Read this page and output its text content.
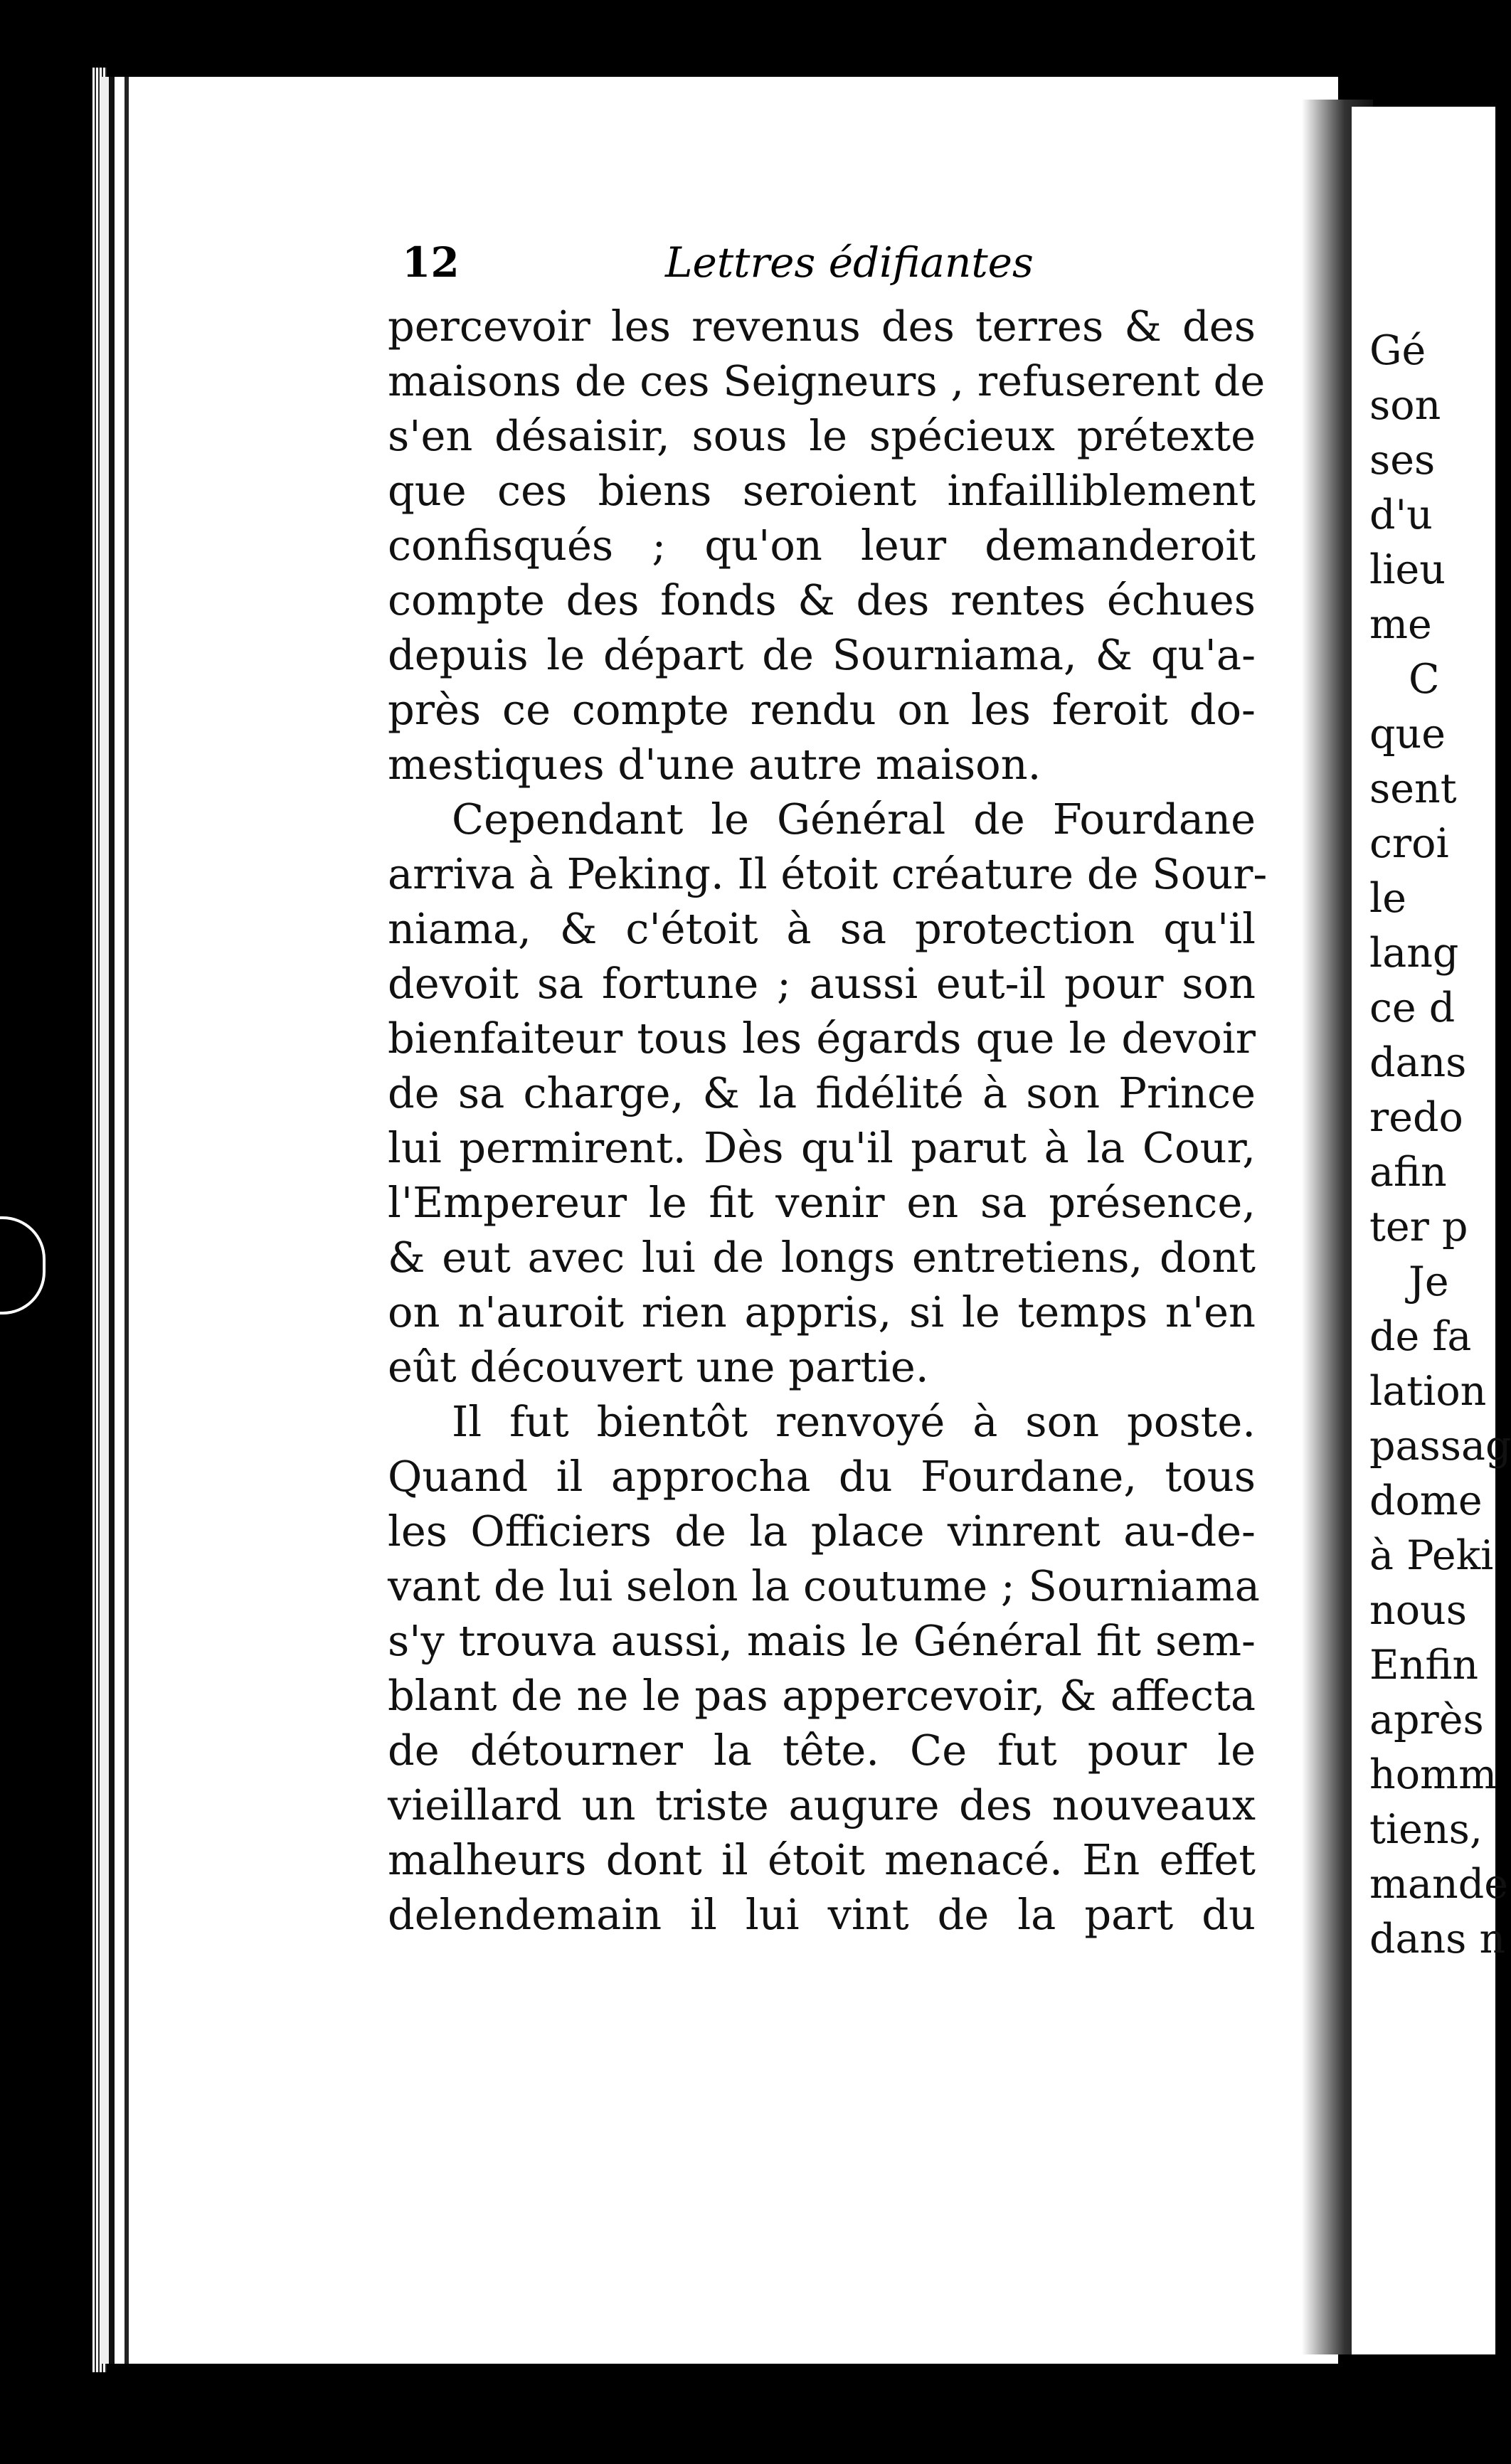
12	Lettres édifiantes
percevoir les revenus des terres & des
maisons de ces Seigneurs , refuserent de
s'en désaisir, sous le spécieux prétexte
que ces biens seroient infailliblement
confisqués ; qu'on leur demanderoit
compte des fonds & des rentes échues
depuis le départ de Sourniama, & qu'a-
près ce compte rendu on les feroit do-
mestiques d'une autre maison.
Cependant le Général de Fourdane
arriva à Peking. Il étoit créature de Sour-
niama, & c'étoit à sa protection qu'il
devoit sa fortune ; aussi eut-il pour son
bienfaiteur tous les égards que le devoir
de sa charge, & la fidélité à son Prince
lui permirent. Dès qu'il parut à la Cour,
l'Empereur le fit venir en sa présence,
& eut avec lui de longs entretiens, dont
on n'auroit rien appris, si le temps n'en
eût découvert une partie.
Il fut bientôt renvoyé à son poste.
Quand il approcha du Fourdane, tous
les Officiers de la place vinrent au-de-
vant de lui selon la coutume ; Sourniama
s'y trouva aussi, mais le Général fit sem-
blant de ne le pas appercevoir, & affecta
de détourner la tête. Ce fut pour le
vieillard un triste augure des nouveaux
malheurs dont il étoit menacé. En effet
delendemain il lui vint de la part du
Gé
son
ses
d'u
lieu
me
C
que
sent
croi
le
lang
ce d
dans
redo
afin
ter p
Je
de fa
lation
passag
dome
à Peki
nous
Enfin
après
homm
tiens,
mande
dans n
